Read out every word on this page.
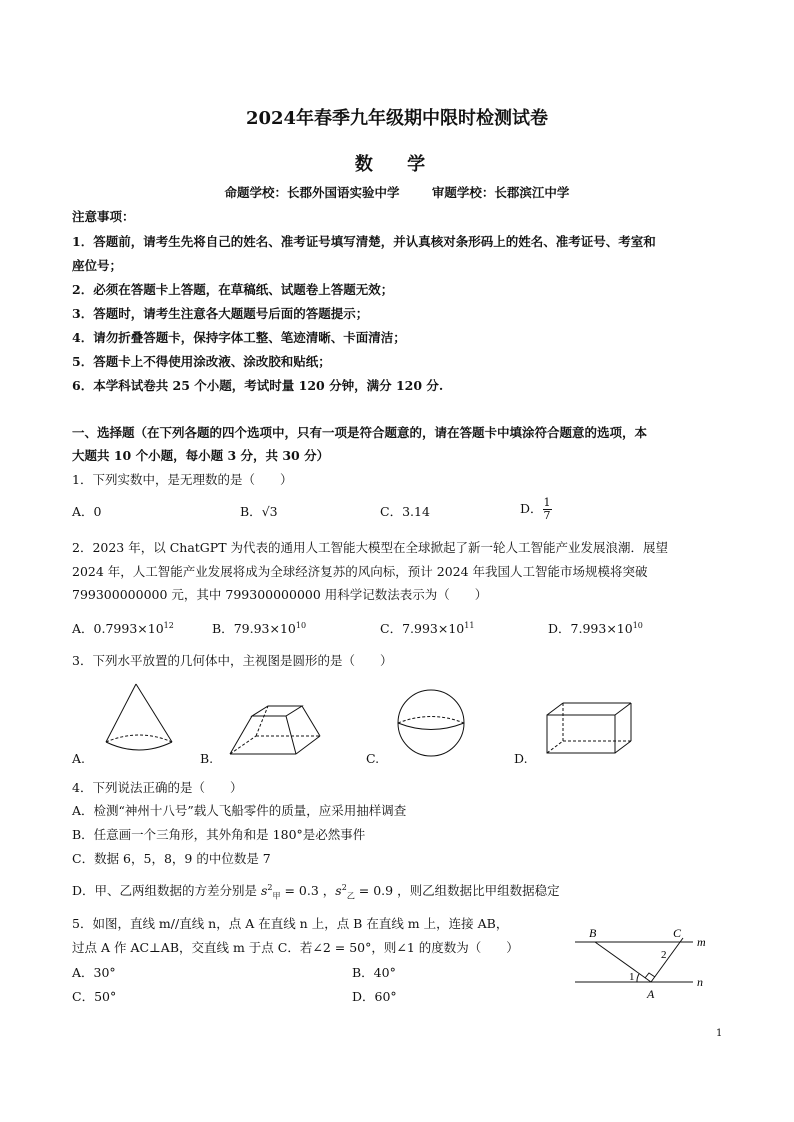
2024年春季九年级期中限时检测试卷
数 学
命题学校：长郡外国语实验中学	审题学校：长郡滨江中学
注意事项：
1．答题前，请考生先将自己的姓名、准考证号填写清楚，并认真核对条形码上的姓名、准考证号、考室和
座位号；
2．必须在答题卡上答题，在草稿纸、试题卷上答题无效；
3．答题时，请考生注意各大题题号后面的答题提示；
4．请勿折叠答题卡，保持字体工整、笔迹清晰、卡面清洁；
5．答题卡上不得使用涂改液、涂改胶和贴纸；
6．本学科试卷共 25 个小题，考试时量 120 分钟，满分 120 分.
一、选择题（在下列各题的四个选项中，只有一项是符合题意的，请在答题卡中填涂符合题意的选项，本
大题共 10 个小题，每小题 3 分，共 30 分）
1．下列实数中，是无理数的是（　　）
A．0	B．√3	C．3.14	D． $\frac{1}{7}$
2．2023 年，以 ChatGPT 为代表的通用人工智能大模型在全球掀起了新一轮人工智能产业发展浪潮．展望
2024 年，人工智能产业发展将成为全球经济复苏的风向标，预计 2024 年我国人工智能市场规模将突破
799300000000 元，其中 799300000000 用科学记数法表示为（　　）
A．$0.7993\times 10^{12}$	B．$79.93\times 10^{10}$	C．$7.993\times 10^{11}$	D．$7.993\times 10^{10}$
3．下列水平放置的几何体中，主视图是圆形的是（　　）
A.	B.	C.	D.
4．下列说法正确的是（　　）
A．检测“神州十八号”载人飞船零件的质量，应采用抽样调查
B．任意画一个三角形，其外角和是 180°是必然事件
C．数据 6，5，8，9 的中位数是 7
D．甲、乙两组数据的方差分别是 $s^2_甲 = 0.3$ ，$s^2_乙 = 0.9$ ，则乙组数据比甲组数据稳定
5．如图，直线 m//直线 n，点 A 在直线 n 上，点 B 在直线 m 上，连接 AB，
过点 A 作 AC⊥AB，交直线 m 于点 C．若∠2 = 50°，则∠1 的度数为（　　）
A．30°	B．40°
C．50°	D．60°
B	C
m
n
A
1
2
1
